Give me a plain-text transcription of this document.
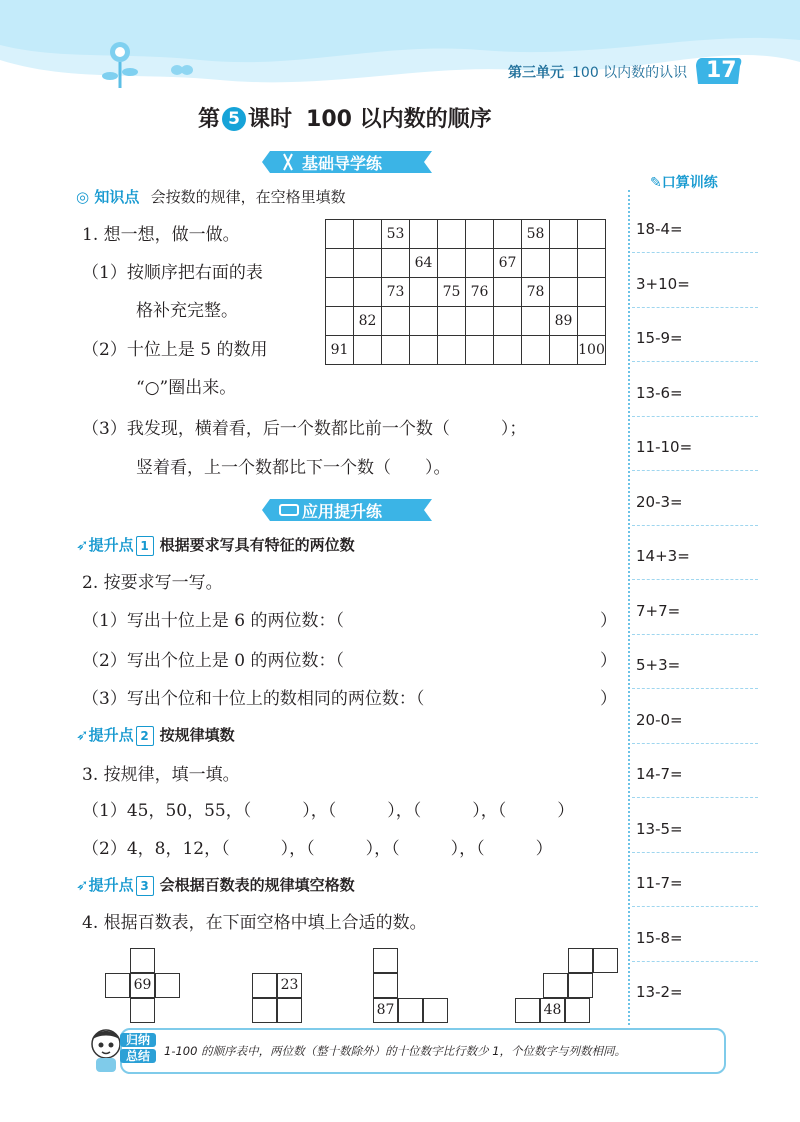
第三单元 100 以内数的认识 17
第 5 课时 100 以内数的顺序
基础导学练
◎ 知识点 会按数的规律，在空格里填数
1. 想一想，做一做。
（1）按顺序把右面的表
格补充完整。
（2）十位上是 5 的数用
“○”圈出来。
（3）我发现，横着看，后一个数都比前一个数（　　　）；
竖着看，上一个数都比下一个数（　　）。
		53					58		
			64			67			
		73		75	76		78		
	82							89	
91									100
应用提升练
➶提升点 1 根据要求写具有特征的两位数
2. 按要求写一写。
（1）写出十位上是 6 的两位数：（	）
（2）写出个位上是 0 的两位数：（	）
（3）写出个位和十位上的数相同的两位数：（	）
➶提升点 2 按规律填数
3. 按规律，填一填。
（1）45，50，55，（　　　），（　　　），（　　　），（　　　）
（2）4，8，12，（　　　），（　　　），（　　　），（　　　）
➶提升点 3 会根据百数表的规律填空格数
4. 根据百数表，在下面空格中填上合适的数。
69	23
87	48
✎口算训练
18-4=
3+10=
15-9=
13-6=
11-10=
20-3=
14+3=
7+7=
5+3=
20-0=
14-7=
13-5=
11-7=
15-8=
13-2=
归纳
总结	1-100 的顺序表中，两位数（整十数除外）的十位数字比行数少 1，个位数字与列数相同。
